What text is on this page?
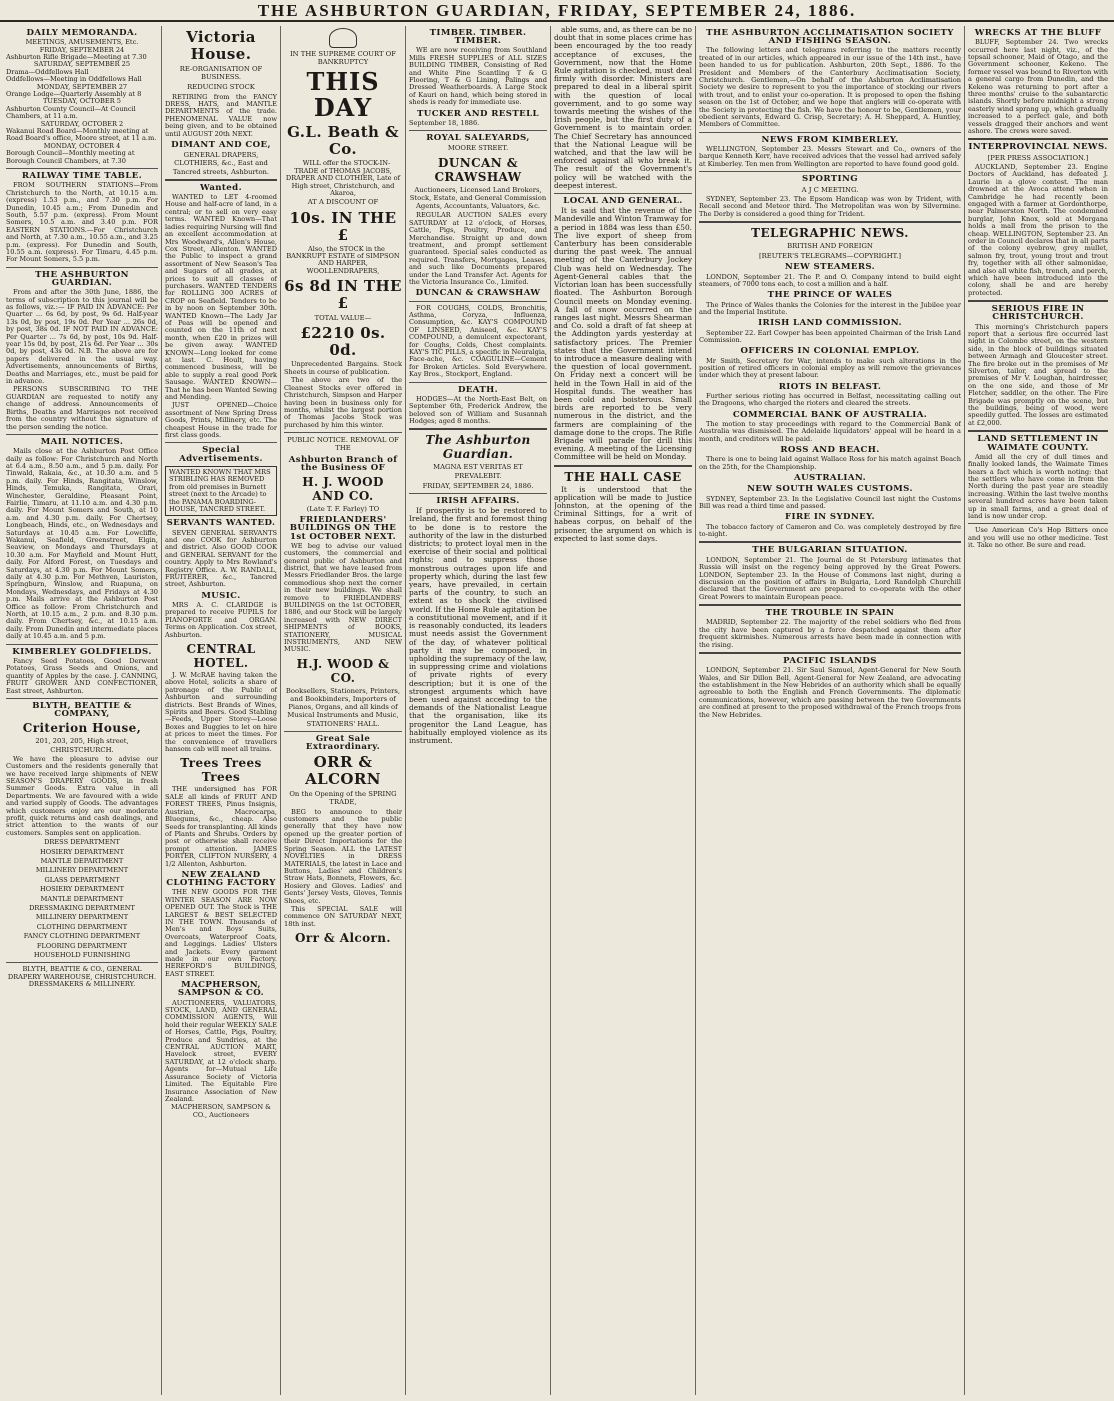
THE ASHBURTON GUARDIAN, FRIDAY, SEPTEMBER 24, 1886.
DAILY MEMORANDA.
MEETINGS, AMUSEMENTS, Etc.
FRIDAY, SEPTEMBER 24
Ashburton Rifle Brigade—Meeting at 7.30
SATURDAY, SEPTEMBER 25
Drama—Oddfellows Hall
Oddfellows—Meeting in Oddfellows Hall
MONDAY, SEPTEMBER 27
Orange Lodge—Quarterly Assembly at 8
TUESDAY, OCTOBER 5
Ashburton County Council—At Council Chambers, at 11 a.m.
SATURDAY, OCTOBER 2
Wakanui Road Board—Monthly meeting at Road Board's office, Moore street, at 11 a.m.
MONDAY, OCTOBER 4
Borough Council—Monthly meeting at Borough Council Chambers, at 7.30
RAILWAY TIME TABLE.
FROM SOUTHERN STATIONS—From Christchurch to the North, at 10.15 a.m. (express) 1.53 p.m., and 7.30 p.m. For Dunedin, 10.45 a.m.; From Dunedin and South, 5.57 p.m. (express). From Mount Somers, 10.5 a.m. and 3.40 p.m. FOR EASTERN STATIONS.—For Christchurch and North, at 7.30 a.m., 10.55 a.m., and 3.25 p.m. (express). For Dunedin and South, 10.55 a.m. (express). For Timaru, 4.45 p.m. For Mount Somers, 5.5 p.m.
THE ASHBURTON GUARDIAN.
From and after the 30th June, 1886, the terms of subscription to this journal will be as follows, viz.:— IF PAID IN ADVANCE: Per Quarter ... 6s 6d, by post, 9s 6d. Half-year 13s 0d, by post, 19s 0d. Per Year ... 26s 0d, by post, 38s 0d. IF NOT PAID IN ADVANCE: Per Quarter ... 7s 6d, by post, 10s 9d. Half-year 15s 0d, by post, 21s 6d. Per Year ... 30s 0d, by post, 43s 0d. N.B. The above are for papers delivered in the usual way. Advertisements, announcements of Births, Deaths and Marriages, etc., must be paid for in advance.
PERSONS SUBSCRIBING TO THE GUARDIAN are requested to notify any change of address. Announcements of Births, Deaths and Marriages not received from the country without the signature of the person sending the notice.
MAIL NOTICES.
Mails close at the Ashburton Post Office daily as follow: For Christchurch and North at 6.4 a.m., 8.50 a.m., and 5 p.m. daily. For Tinwald, Rakaia, &c., at 10.30 a.m. and 5 p.m. daily. For Hinds, Rangitata, Winslow, Hinds, Temuka, Rangitata, Orari, Winchester, Geraldine, Pleasant Point, Fairlie, Timaru, at 11.10 a.m. and 4.30 p.m. daily. For Mount Somers and South, at 10 a.m. and 4.30 p.m. daily. For Chertsey, Longbeach, Hinds, etc., on Wednesdays and Saturdays at 10.45 a.m. For Lowcliffe, Wakanui, Seafield, Greenstreet, Elgin, Seaview, on Mondays and Thursdays at 10.30 a.m. For Mayfield and Mount Hutt, daily. For Alford Forest, on Tuesdays and Saturdays, at 4.30 p.m. For Mount Somers, daily at 4.30 p.m. For Methven, Lauriston, Springburn, Winslow, and Ruapuna, on Mondays, Wednesdays, and Fridays at 4.30 p.m. Mails arrive at the Ashburton Post Office as follow: From Christchurch and North, at 10.15 a.m., 2 p.m. and 8.30 p.m. daily. From Chertsey, &c., at 10.15 a.m. daily. From Dunedin and intermediate places daily at 10.45 a.m. and 5 p.m.
KIMBERLEY GOLDFIELDS.
Fancy Seed Potatoes, Good Derwent Potatoes, Grass Seeds and Onions, and quantity of Apples by the case. J. CANNING, FRUIT GROWER AND CONFECTIONER, East street, Ashburton.
BLYTH, BEATTIE & COMPANY,
Criterion House,
201, 203, 205, High street, CHRISTCHURCH.
We have the pleasure to advise our Customers and the residents generally that we have received large shipments of NEW SEASON'S DRAPERY GOODS, in fresh Summer Goods. Extra value in all Departments. We are favoured with a wide and varied supply of Goods. The advantages which customers enjoy are our moderate profit, quick returns and cash dealings, and strict attention to the wants of our customers. Samples sent on application.
DRESS DEPARTMENT
HOSIERY DEPARTMENT
MANTLE DEPARTMENT
MILLINERY DEPARTMENT
GLASS DEPARTMENT
HOSIERY DEPARTMENT
MANTLE DEPARTMENT
DRESSMAKING DEPARTMENT
MILLINERY DEPARTMENT
CLOTHING DEPARTMENT
FANCY CLOTHING DEPARTMENT
FLOORING DEPARTMENT
HOUSEHOLD FURNISHING
BLYTH, BEATTIE & CO., GENERAL DRAPERY WAREHOUSE, CHRISTCHURCH. DRESSMAKERS & MILLINERY.
Victoria House.
RE-ORGANISATION OF BUSINESS.
REDUCING STOCK
RETIRING from the FANCY DRESS, HATS, and MANTLE DEPARTMENTS of the trade. PHENOMENAL VALUE now being given, and to be obtained until AUGUST 20th NEXT.
DIMANT AND COE,
GENERAL DRAPERS, CLOTHIERS, &c., East and Tancred streets, Ashburton.
Wanted.
WANTED to LET 4-roomed House and half-acre of land, in a central; or to sell on very easy terms. WANTED Known—That ladies requiring Nursing will find an excellent accommodation at Mrs Woodward's, Allen's House, Cox Street, Allenton. WANTED the Public to inspect a grand assortment of New Season's Tea and Sugars of all grades, at prices to suit all classes of purchasers. WANTED TENDERS for ROLLING 300 ACRES of CROP on Seafield. Tenders to be in by noon on September 30th. WANTED Known—The Lady Jar of Peas will be opened and counted on the 11th of next month, when £20 in prizes will be given away. WANTED KNOWN—Long looked for come at last. C. Hoult, having commenced business, will be able to supply a real good Pork Sausage. WANTED KNOWN—That he has been Wanted Sewing and Mending.
JUST OPENED—Choice assortment of New Spring Dress Goods, Prints, Millinery, etc. The cheapest House in the trade for first class goods.
Special Advertisements.
WANTED KNOWN THAT MRS STRIBLING HAS REMOVED from old premises in Burnett street (next to the Arcade) to the PANAMA BOARDING-HOUSE, TANCRED STREET.
SERVANTS WANTED.
SEVEN GENERAL SERVANTS and one COOK for Ashburton and district. Also GOOD COOK and GENERAL SERVANT for the country. Apply to Mrs Rowland's Registry Office. A. W. RANDALL, FRUITERER, &c., Tancred street, Ashburton.
MUSIC.
MRS A. C. CLARIDGE is prepared to receive PUPILS for PIANOFORTE and ORGAN. Terms on Application. Cox street, Ashburton.
CENTRAL HOTEL.
J. W. McRAE having taken the above Hotel, solicits a share of patronage of the Public of Ashburton and surrounding districts. Best Brands of Wines, Spirits and Beers. Good Stabling—Feeds, Upper Storey—Loose Boxes and Buggies to let on hire at prices to meet the times. For the convenience of travellers hansom cab will meet all trains.
Trees Trees Trees
THE undersigned has FOR SALE all kinds of FRUIT AND FOREST TREES, Pinus Insignis, Austrian, Macrocarpa, Bluegums, &c., cheap. Also Seeds for transplanting. All kinds of Plants and Shrubs. Orders by post or otherwise shall receive prompt attention. JAMES PORTER, CLIFTON NURSERY, 4 1/2 Allenton, Ashburton.
NEW ZEALAND CLOTHING FACTORY
THE NEW GOODS FOR THE WINTER SEASON ARE NOW OPENED OUT. The Stock is THE LARGEST & BEST SELECTED IN THE TOWN. Thousands of Men's and Boys' Suits, Overcoats, Waterproof Coats, and Leggings. Ladies' Ulsters and Jackets. Every garment made in our own Factory. HEREFORD'S BUILDINGS, EAST STREET.
MACPHERSON, SAMPSON & CO.
AUCTIONEERS, VALUATORS, STOCK, LAND, AND GENERAL COMMISSION AGENTS, Will hold their regular WEEKLY SALE of Horses, Cattle, Pigs, Poultry, Produce and Sundries, at the CENTRAL AUCTION MART, Havelock street, EVERY SATURDAY, at 12 o'clock sharp. Agents for—Mutual Life Assurance Society of Victoria Limited. The Equitable Fire Insurance Association of New Zealand.
MACPHERSON, SAMPSON & CO., Auctioneers
IN THE SUPREME COURT OF BANKRUPTCY
THIS DAY
G.L. Beath & Co.
WILL offer the STOCK-IN-TRADE of THOMAS JACOBS, DRAPER AND CLOTHIER, Late of High street, Christchurch, and Akaroa,
AT A DISCOUNT OF
10s. IN THE £
Also, the STOCK in the BANKRUPT ESTATE of SIMPSON AND HARPER, WOOLLENDRAPERS,
6s 8d IN THE £
TOTAL VALUE—
£2210 0s. 0d.
Unprecedented Bargains. Stock Sheets in course of publication.
The above are two of the Cleanest Stocks ever offered in Christchurch, Simpson and Harper having been in business only for months, whilst the largest portion of Thomas Jacobs Stock was purchased by him this winter.
PUBLIC NOTICE. REMOVAL OF THE
Ashburton Branch of the Business OF
H. J. WOOD AND CO.
(Late T. F. Farley) TO
FRIEDLANDERS' BUILDINGS ON THE 1st OCTOBER NEXT.
WE beg to advise our valued customers, the commercial and general public of Ashburton and district, that we have leased from Messrs Friedlander Bros. the large commodious shop next the corner in their new buildings. We shall remove to FRIEDLANDERS' BUILDINGS on the 1st OCTOBER, 1886, and our Stock will be largely increased with NEW DIRECT SHIPMENTS of BOOKS, STATIONERY, MUSICAL INSTRUMENTS, AND NEW MUSIC.
H.J. WOOD & CO.
Booksellers, Stationers, Printers, and Bookbinders, Importers of Pianos, Organs, and all kinds of Musical Instruments and Music, STATIONERS' HALL.
Great Sale Extraordinary.
ORR & ALCORN
On the Opening of the SPRING TRADE,
BEG to announce to their customers and the public generally that they have now opened up the greater portion of their Direct Importations for the Spring Season. ALL the LATEST NOVELTIES in DRESS MATERIALS, the latest in Lace and Buttons, Ladies' and Children's Straw Hats, Bonnets, Flowers, &c. Hosiery and Gloves. Ladies' and Gents' Jersey Vests, Gloves, Tennis Shoes, etc.
This SPECIAL SALE will commence ON SATURDAY NEXT, 18th inst.
Orr & Alcorn.
TIMBER. TIMBER. TIMBER.
WE are now receiving from Southland Mills FRESH SUPPLIES of ALL SIZES BUILDING TIMBER, Consisting of Red and White Pine Scantling T & G Flooring, T & G Lining, Palings and Dressed Weatherboards. A Large Stock of Kauri on hand, which being stored in sheds is ready for immediate use.
TUCKER AND RESTELL
September 18, 1886.
ROYAL SALEYARDS,
MOORE STREET.
DUNCAN & CRAWSHAW
Auctioneers, Licensed Land Brokers, Stock, Estate, and General Commission Agents, Accountants, Valuators, &c.
REGULAR AUCTION SALES every SATURDAY at 12 o'clock, of Horses, Cattle, Pigs, Poultry, Produce, and Merchandise. Straight up and down treatment, and prompt settlement guaranteed. Special sales conducted as required. Transfers, Mortgages, Leases, and such like Documents prepared under the Land Transfer Act. Agents for the Victoria Insurance Co., Limited.
DUNCAN & CRAWSHAW
FOR COUGHS, COLDS, Bronchitis, Asthma, Coryza, Influenza, Consumption, &c. KAY'S COMPOUND OF LINSEED, Aniseed, &c. KAY'S COMPOUND, a demulcent expectorant, for Coughs, Colds, Chest complaints. KAY'S TIC PILLS, a specific in Neuralgia, Face-ache, &c. COAGULINE—Cement for Broken Articles. Sold Everywhere. Kay Bros., Stockport, England.
DEATH.
HODGES—At the North-East Belt, on September 6th, Frederick Andrew, the beloved son of William and Susannah Hodges; aged 8 months.
The Ashburton Guardian.
MAGNA EST VERITAS ET PREVALEBIT.
FRIDAY, SEPTEMBER 24, 1886.
IRISH AFFAIRS.
If prosperity is to be restored to Ireland, the first and foremost thing to be done is to restore the authority of the law in the disturbed districts; to protect loyal men in the exercise of their social and political rights; and to suppress those monstrous outrages upon life and property which, during the last few years, have prevailed, in certain parts of the country, to such an extent as to shock the civilised world. If the Home Rule agitation be a constitutional movement, and if it is reasonably conducted, its leaders must needs assist the Government of the day, of whatever political party it may be composed, in upholding the supremacy of the law, in suppressing crime and violations of private rights of every description; but it is one of the strongest arguments which have been used against acceding to the demands of the Nationalist League that the organisation, like its progenitor the Land League, has habitually employed violence as its instrument.
able sums, and, as there can be no doubt that in some places crime has been encouraged by the too ready acceptance of excuses, the Government, now that the Home Rule agitation is checked, must deal firmly with disorder. Ministers are prepared to deal in a liberal spirit with the question of local government, and to go some way towards meeting the wishes of the Irish people, but the first duty of a Government is to maintain order. The Chief Secretary has announced that the National League will be watched, and that the law will be enforced against all who break it. The result of the Government's policy will be watched with the deepest interest.
LOCAL AND GENERAL.
It is said that the revenue of the Mandeville and Winton Tramway for a period in 1884 was less than £50. The live export of sheep from Canterbury has been considerable during the past week. The annual meeting of the Canterbury Jockey Club was held on Wednesday. The Agent-General cables that the Victorian loan has been successfully floated. The Ashburton Borough Council meets on Monday evening. A fall of snow occurred on the ranges last night. Messrs Shearman and Co. sold a draft of fat sheep at the Addington yards yesterday at satisfactory prices. The Premier states that the Government intend to introduce a measure dealing with the question of local government. On Friday next a concert will be held in the Town Hall in aid of the Hospital funds. The weather has been cold and boisterous. Small birds are reported to be very numerous in the district, and the farmers are complaining of the damage done to the crops. The Rifle Brigade will parade for drill this evening. A meeting of the Licensing Committee will be held on Monday.
THE HALL CASE
It is understood that the application will be made to Justice Johnston, at the opening of the Criminal Sittings, for a writ of habeas corpus, on behalf of the prisoner, the argument on which is expected to last some days.
THE ASHBURTON ACCLIMATISATION SOCIETY AND FISHING SEASON.
The following letters and telegrams referring to the matters recently treated of in our articles, which appeared in our issue of the 14th inst., have been handed to us for publication. Ashburton, 20th Sept., 1886. To the President and Members of the Canterbury Acclimatisation Society, Christchurch. Gentlemen,—On behalf of the Ashburton Acclimatisation Society we desire to represent to you the importance of stocking our rivers with trout, and to enlist your co-operation. It is proposed to open the fishing season on the 1st of October, and we hope that anglers will co-operate with the Society in protecting the fish. We have the honour to be, Gentlemen, your obedient servants, Edward G. Crisp, Secretary; A. H. Sheppard, A. Huntley, Members of Committee.
NEWS FROM KIMBERLEY.
WELLINGTON, September 23. Messrs Stewart and Co., owners of the barque Kenneth Kerr, have received advices that the vessel had arrived safely at Kimberley. Ten men from Wellington are reported to have found good gold.
SPORTING
A J C MEETING.
SYDNEY, September 23. The Epsom Handicap was won by Trident, with Recall second and Meteor third. The Metropolitan was won by Silvermine. The Derby is considered a good thing for Trident.
TELEGRAPHIC NEWS.
BRITISH AND FOREIGN
[REUTER'S TELEGRAMS—COPYRIGHT.]
NEW STEAMERS.
LONDON, September 21. The P. and O. Company intend to build eight steamers, of 7000 tons each, to cost a million and a half.
THE PRINCE OF WALES
The Prince of Wales thanks the Colonies for the interest in the Jubilee year and the Imperial Institute.
IRISH LAND COMMISSION.
September 22. Earl Cowper has been appointed Chairman of the Irish Land Commission.
OFFICERS IN COLONIAL EMPLOY.
Mr Smith, Secretary for War, intends to make such alterations in the position of retired officers in colonial employ as will remove the grievances under which they at present labour.
RIOTS IN BELFAST.
Further serious rioting has occurred in Belfast, necessitating calling out the Dragoons, who charged the rioters and cleared the streets.
COMMERCIAL BANK OF AUSTRALIA.
The motion to stay proceedings with regard to the Commercial Bank of Australia was dismissed. The Adelaide liquidators' appeal will be heard in a month, and creditors will be paid.
ROSS AND BEACH.
There is one to being laid against Wallace Ross for his match against Beach on the 25th, for the Championship.
AUSTRALIAN.
NEW SOUTH WALES CUSTOMS.
SYDNEY, September 23. In the Legislative Council last night the Customs Bill was read a third time and passed.
FIRE IN SYDNEY.
The tobacco factory of Cameron and Co. was completely destroyed by fire to-night.
THE BULGARIAN SITUATION.
LONDON, September 21. The Journal de St Petersburg intimates that Russia will insist on the regency being approved by the Great Powers. LONDON, September 23. In the House of Commons last night, during a discussion on the position of affairs in Bulgaria, Lord Randolph Churchill declared that the Government are prepared to co-operate with the other Great Powers to maintain European peace.
THE TROUBLE IN SPAIN
MADRID, September 22. The majority of the rebel soldiers who fled from the city have been captured by a force despatched against them after frequent skirmishes. Numerous arrests have been made in connection with the rising.
PACIFIC ISLANDS
LONDON, September 21. Sir Saul Samuel, Agent-General for New South Wales, and Sir Dillon Bell, Agent-General for New Zealand, are advocating the establishment in the New Hebrides of an authority which shall be equally agreeable to both the English and French Governments. The diplomatic communications, however, which are passing between the two Governments are confined at present to the proposed withdrawal of the French troops from the New Hebrides.
WRECKS AT THE BLUFF
BLUFF, September 24. Two wrecks occurred here last night, viz., of the topsail schooner, Maid of Otago, and the Government schooner, Kekeno. The former vessel was bound to Riverton with a general cargo from Dunedin, and the Kekeno was returning to port after a three months' cruise to the subantarctic islands. Shortly before midnight a strong easterly wind sprang up, which gradually increased to a perfect gale, and both vessels dragged their anchors and went ashore. The crews were saved.
INTERPROVINCIAL NEWS.
[PER PRESS ASSOCIATION.]
AUCKLAND, September 23. Engine Doctors of Auckland, has defeated J. Laurie in a glove contest. The man drowned at the Avoca attend when in Cambridge he had recently been engaged with a farmer at Gordonthorpe, near Palmerston North. The condemned burglar, John Knox, sold at Morgana holds a mall from the prison to the cheap. WELLINGTON, September 23. An order in Council declares that in all parts of the colony eyebrow, grey mullet, salmon fry, trout, young trout and trout fry, together with all other salmonidae, and also all white fish, trench, and perch, which have been introduced into the colony, shall be and are hereby protected.
SERIOUS FIRE IN CHRISTCHURCH.
This morning's Christchurch papers report that a serious fire occurred last night in Colombo street, on the western side, in the block of buildings situated between Armagh and Gloucester street. The fire broke out in the premises of Mr Silverton, tailor, and spread to the premises of Mr V. Loughan, hairdresser, on the one side, and those of Mr Fletcher, saddler, on the other. The Fire Brigade was promptly on the scene, but the buildings, being of wood, were speedily gutted. The losses are estimated at £2,000.
LAND SETTLEMENT IN WAIMATE COUNTY.
Amid all the cry of dull times and finally looked lands, the Waimate Times hears a fact which is worth noting: that the settlers who have come in from the North during the past year are steadily increasing. Within the last twelve months several hundred acres have been taken up in small farms, and a great deal of land is now under crop.
Use American Co's Hop Bitters once and you will use no other medicine. Test it. Take no other. Be sure and read.
